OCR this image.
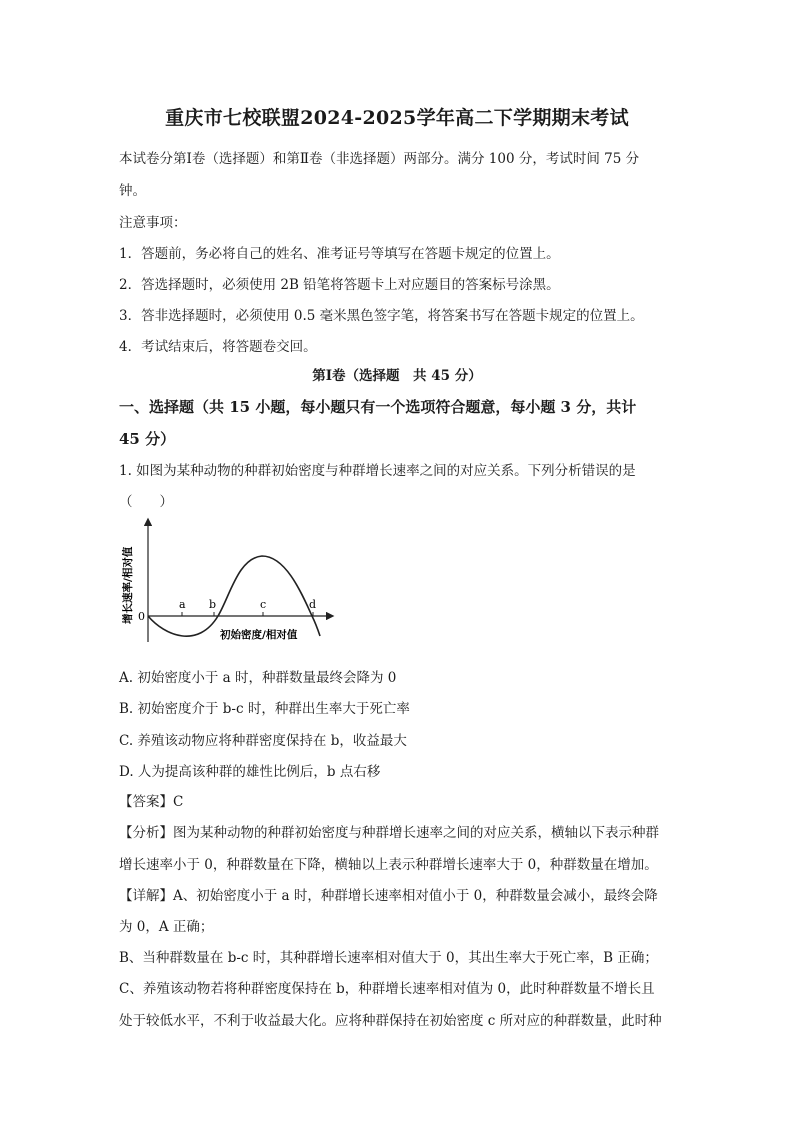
重庆市七校联盟2024-2025学年高二下学期期末考试
本试卷分第Ⅰ卷（选择题）和第Ⅱ卷（非选择题）两部分。满分 100 分，考试时间 75 分
钟。
注意事项：
1．答题前，务必将自己的姓名、准考证号等填写在答题卡规定的位置上。
2．答选择题时，必须使用 2B 铅笔将答题卡上对应题目的答案标号涂黑。
3．答非选择题时，必须使用 0.5 毫米黑色签字笔，将答案书写在答题卡规定的位置上。
4．考试结束后，将答题卷交回。
第Ⅰ卷（选择题　共 45 分）
一、选择题（共 15 小题，每小题只有一个选项符合题意，每小题 3 分，共计
45 分）
1. 如图为某种动物的种群初始密度与种群增长速率之间的对应关系。下列分析错误的是
（　　）
a b	c	d
0
初始密度/相对值
增长速率/相对值
A. 初始密度小于 a 时，种群数量最终会降为 0
B. 初始密度介于 b-c 时，种群出生率大于死亡率
C. 养殖该动物应将种群密度保持在 b，收益最大
D. 人为提高该种群的雄性比例后，b 点右移
【答案】C
【分析】图为某种动物的种群初始密度与种群增长速率之间的对应关系，横轴以下表示种群
增长速率小于 0，种群数量在下降，横轴以上表示种群增长速率大于 0，种群数量在增加。
【详解】A、初始密度小于 a 时，种群增长速率相对值小于 0，种群数量会减小，最终会降
为 0，A 正确；
B、当种群数量在 b-c 时，其种群增长速率相对值大于 0，其出生率大于死亡率，B 正确；
C、养殖该动物若将种群密度保持在 b，种群增长速率相对值为 0，此时种群数量不增长且
处于较低水平，不利于收益最大化。应将种群保持在初始密度 c 所对应的种群数量，此时种
